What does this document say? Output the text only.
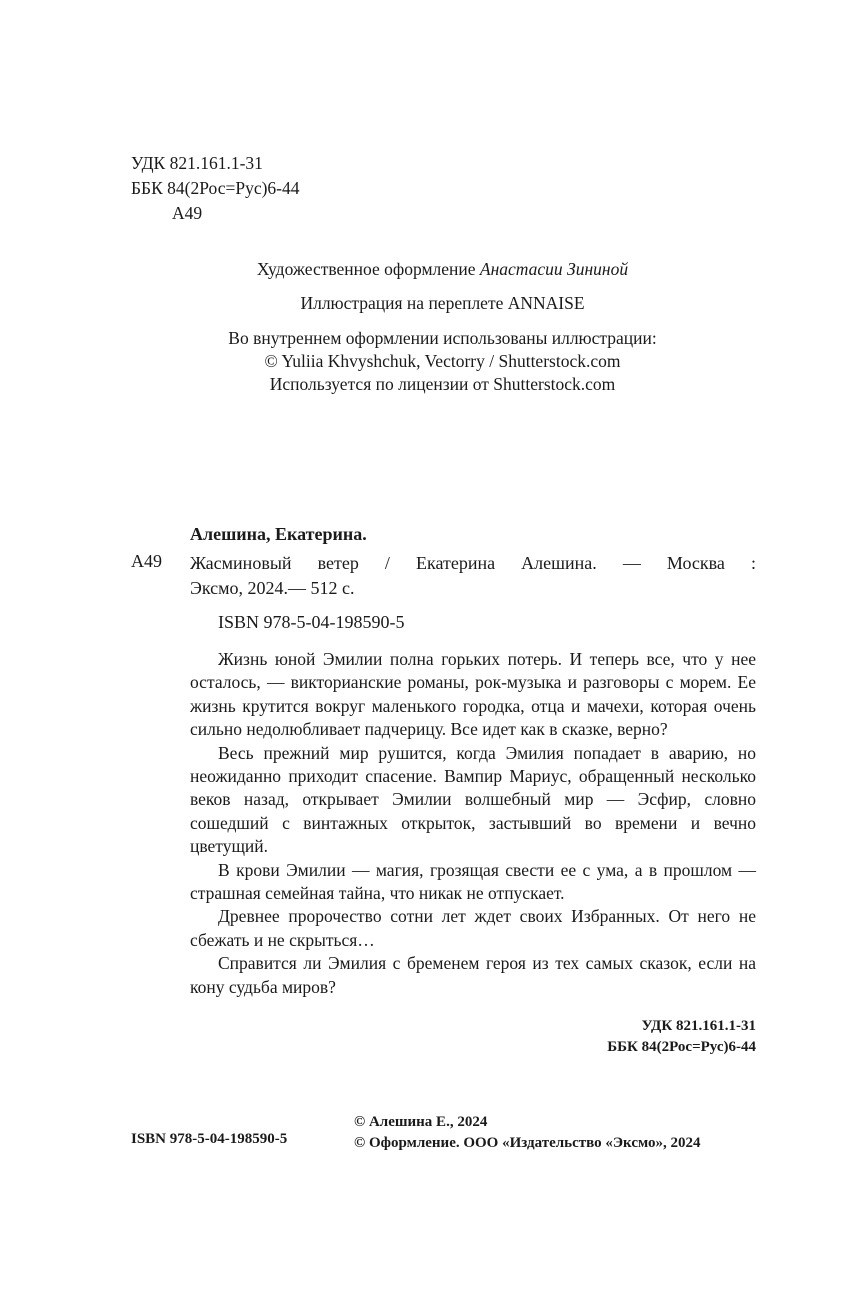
УДК 821.161.1-31
ББК 84(2Рос=Рус)6-44
А49
Художественное оформление Анастасии Зининой
Иллюстрация на переплете ANNAISE
Во внутреннем оформлении использованы иллюстрации:
© Yuliia Khvyshchuk, Vectorry / Shutterstock.com
Используется по лицензии от Shutterstock.com
Алешина, Екатерина.
А49 Жасминовый ветер / Екатерина Алешина. — Москва :
Эксмо, 2024.— 512 с.
ISBN 978-5-04-198590-5

Жизнь юной Эмилии полна горьких потерь. И теперь все, что у нее осталось, — викторианские романы, рок-музыка и разговоры с морем. Ее жизнь крутится вокруг маленького городка, отца и мачехи, которая очень сильно недолюбливает падчерицу. Все идет как в сказке, верно?

Весь прежний мир рушится, когда Эмилия попадает в аварию, но неожиданно приходит спасение. Вампир Мариус, обращенный несколько веков назад, открывает Эмилии волшебный мир — Эсфир, словно сошедший с винтажных открыток, застывший во времени и вечно цветущий.

В крови Эмилии — магия, грозящая свести ее с ума, а в прошлом — страшная семейная тайна, что никак не отпускает.

Древнее пророчество сотни лет ждет своих Избранных. От него не сбежать и не скрыться…

Справится ли Эмилия с бременем героя из тех самых сказок, если на кону судьба миров?

УДК 821.161.1-31
ББК 84(2Рос=Рус)6-44
ISBN 978-5-04-198590-5
© Алешина Е., 2024
© Оформление. ООО «Издательство «Эксмо», 2024
